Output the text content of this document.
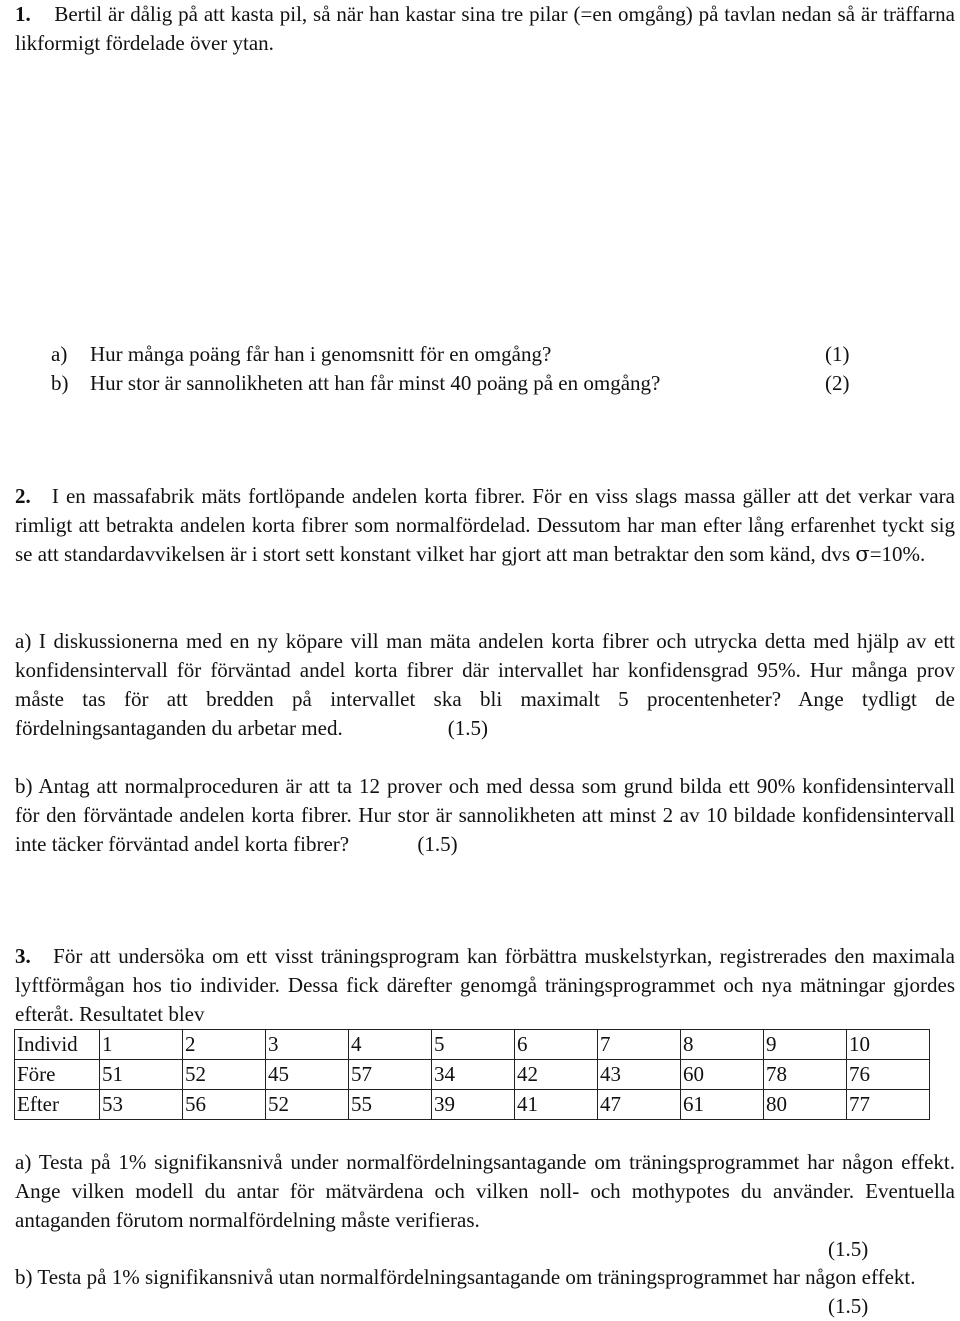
1. Bertil är dålig på att kasta pil, så när han kastar sina tre pilar (=en omgång) på tavlan nedan så är träffarna likformigt fördelade över ytan.

a) Hur många poäng får han i genomsnitt för en omgång?	(1)
b) Hur stor är sannolikheten att han får minst 40 poäng på en omgång?	(2)

2. I en massafabrik mäts fortlöpande andelen korta fibrer. För en viss slags massa gäller att det verkar vara rimligt att betrakta andelen korta fibrer som normalfördelad. Dessutom har man efter lång erfarenhet tyckt sig se att standardavvikelsen är i stort sett konstant vilket har gjort att man betraktar den som känd, dvs σ=10%.

a) I diskussionerna med en ny köpare vill man mäta andelen korta fibrer och utrycka detta med hjälp av ett konfidensintervall för förväntad andel korta fibrer där intervallet har konfidensgrad 95%. Hur många prov måste tas för att bredden på intervallet ska bli maximalt 5 procentenheter? Ange tydligt de fördelningsantaganden du arbetar med.	(1.5)

b) Antag att normalproceduren är att ta 12 prover och med dessa som grund bilda ett 90% konfidensintervall för den förväntade andelen korta fibrer. Hur stor är sannolikheten att minst 2 av 10 bildade konfidensintervall inte täcker förväntad andel korta fibrer?	(1.5)

3. För att undersöka om ett visst träningsprogram kan förbättra muskelstyrkan, registrerades den maximala lyftförmågan hos tio individer. Dessa fick därefter genomgå träningsprogrammet och nya mätningar gjordes efteråt. Resultatet blev

Individ	1	2	3	4	5	6	7	8	9	10
Före	51	52	45	57	34	42	43	60	78	76
Efter	53	56	52	55	39	41	47	61	80	77

a) Testa på 1% signifikansnivå under normalfördelningsantagande om träningsprogrammet har någon effekt. Ange vilken modell du antar för mätvärdena och vilken noll- och mothypotes du använder. Eventuella antaganden förutom normalfördelning måste verifieras.

(1.5)

b) Testa på 1% signifikansnivå utan normalfördelningsantagande om träningsprogrammet har någon effekt.

(1.5)
